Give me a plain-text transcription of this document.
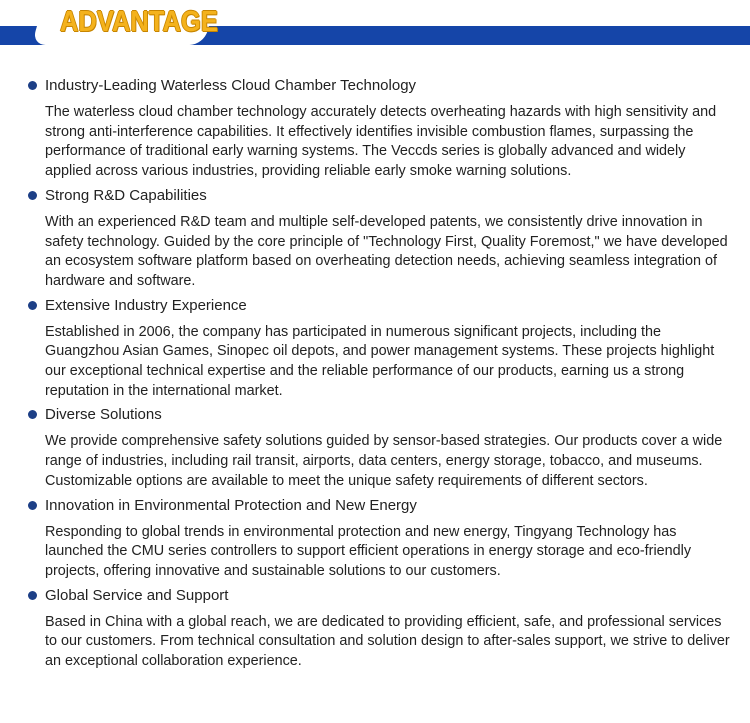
ADVANTAGE
Industry-Leading Waterless Cloud Chamber Technology
The waterless cloud chamber technology accurately detects overheating hazards with high sensitivity and strong anti-interference capabilities. It effectively identifies invisible combustion flames, surpassing the performance of traditional early warning systems. The Veccds series is globally advanced and widely applied across various industries, providing reliable early smoke warning solutions.
Strong R&D Capabilities
With an experienced R&D team and multiple self-developed patents, we consistently drive innovation in safety technology. Guided by the core principle of "Technology First, Quality Foremost," we have developed an ecosystem software platform based on overheating detection needs, achieving seamless integration of hardware and software.
Extensive Industry Experience
Established in 2006, the company has participated in numerous significant projects, including the Guangzhou Asian Games, Sinopec oil depots, and power management systems. These projects highlight our exceptional technical expertise and the reliable performance of our products, earning us a strong reputation in the international market.
Diverse Solutions
We provide comprehensive safety solutions guided by sensor-based strategies. Our products cover a wide range of industries, including rail transit, airports, data centers, energy storage, tobacco, and museums. Customizable options are available to meet the unique safety requirements of different sectors.
Innovation in Environmental Protection and New Energy
Responding to global trends in environmental protection and new energy, Tingyang Technology has launched the CMU series controllers to support efficient operations in energy storage and eco-friendly projects, offering innovative and sustainable solutions to our customers.
Global Service and Support
Based in China with a global reach, we are dedicated to providing efficient, safe, and professional services to our customers. From technical consultation and solution design to after-sales support, we strive to deliver an exceptional collaboration experience.
